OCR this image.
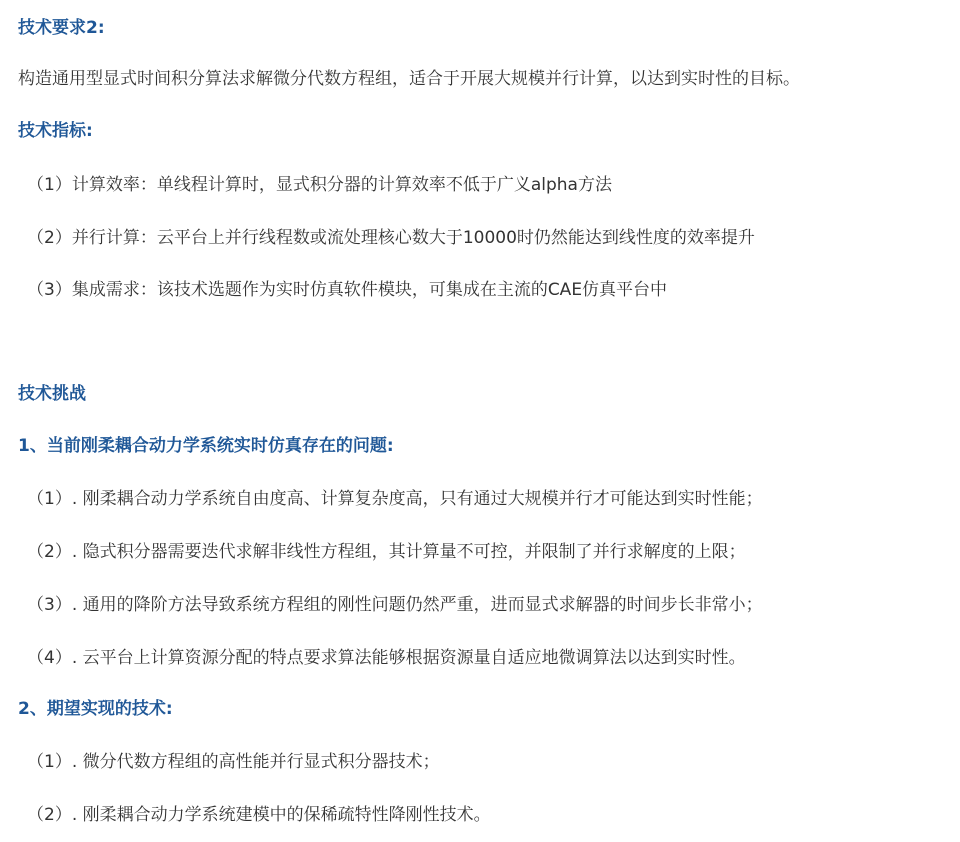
技术要求2:
构造通用型显式时间积分算法求解微分代数方程组，适合于开展大规模并行计算，以达到实时性的目标。
技术指标:
（1）计算效率：单线程计算时，显式积分器的计算效率不低于广义alpha方法
（2）并行计算：云平台上并行线程数或流处理核心数大于10000时仍然能达到线性度的效率提升
（3）集成需求：该技术选题作为实时仿真软件模块，可集成在主流的CAE仿真平台中
技术挑战
1、当前刚柔耦合动力学系统实时仿真存在的问题:
（1）. 刚柔耦合动力学系统自由度高、计算复杂度高，只有通过大规模并行才可能达到实时性能；
（2）. 隐式积分器需要迭代求解非线性方程组，其计算量不可控，并限制了并行求解度的上限；
（3）. 通用的降阶方法导致系统方程组的刚性问题仍然严重，进而显式求解器的时间步长非常小；
（4）. 云平台上计算资源分配的特点要求算法能够根据资源量自适应地微调算法以达到实时性。
2、期望实现的技术:
（1）. 微分代数方程组的高性能并行显式积分器技术；
（2）. 刚柔耦合动力学系统建模中的保稀疏特性降刚性技术。
